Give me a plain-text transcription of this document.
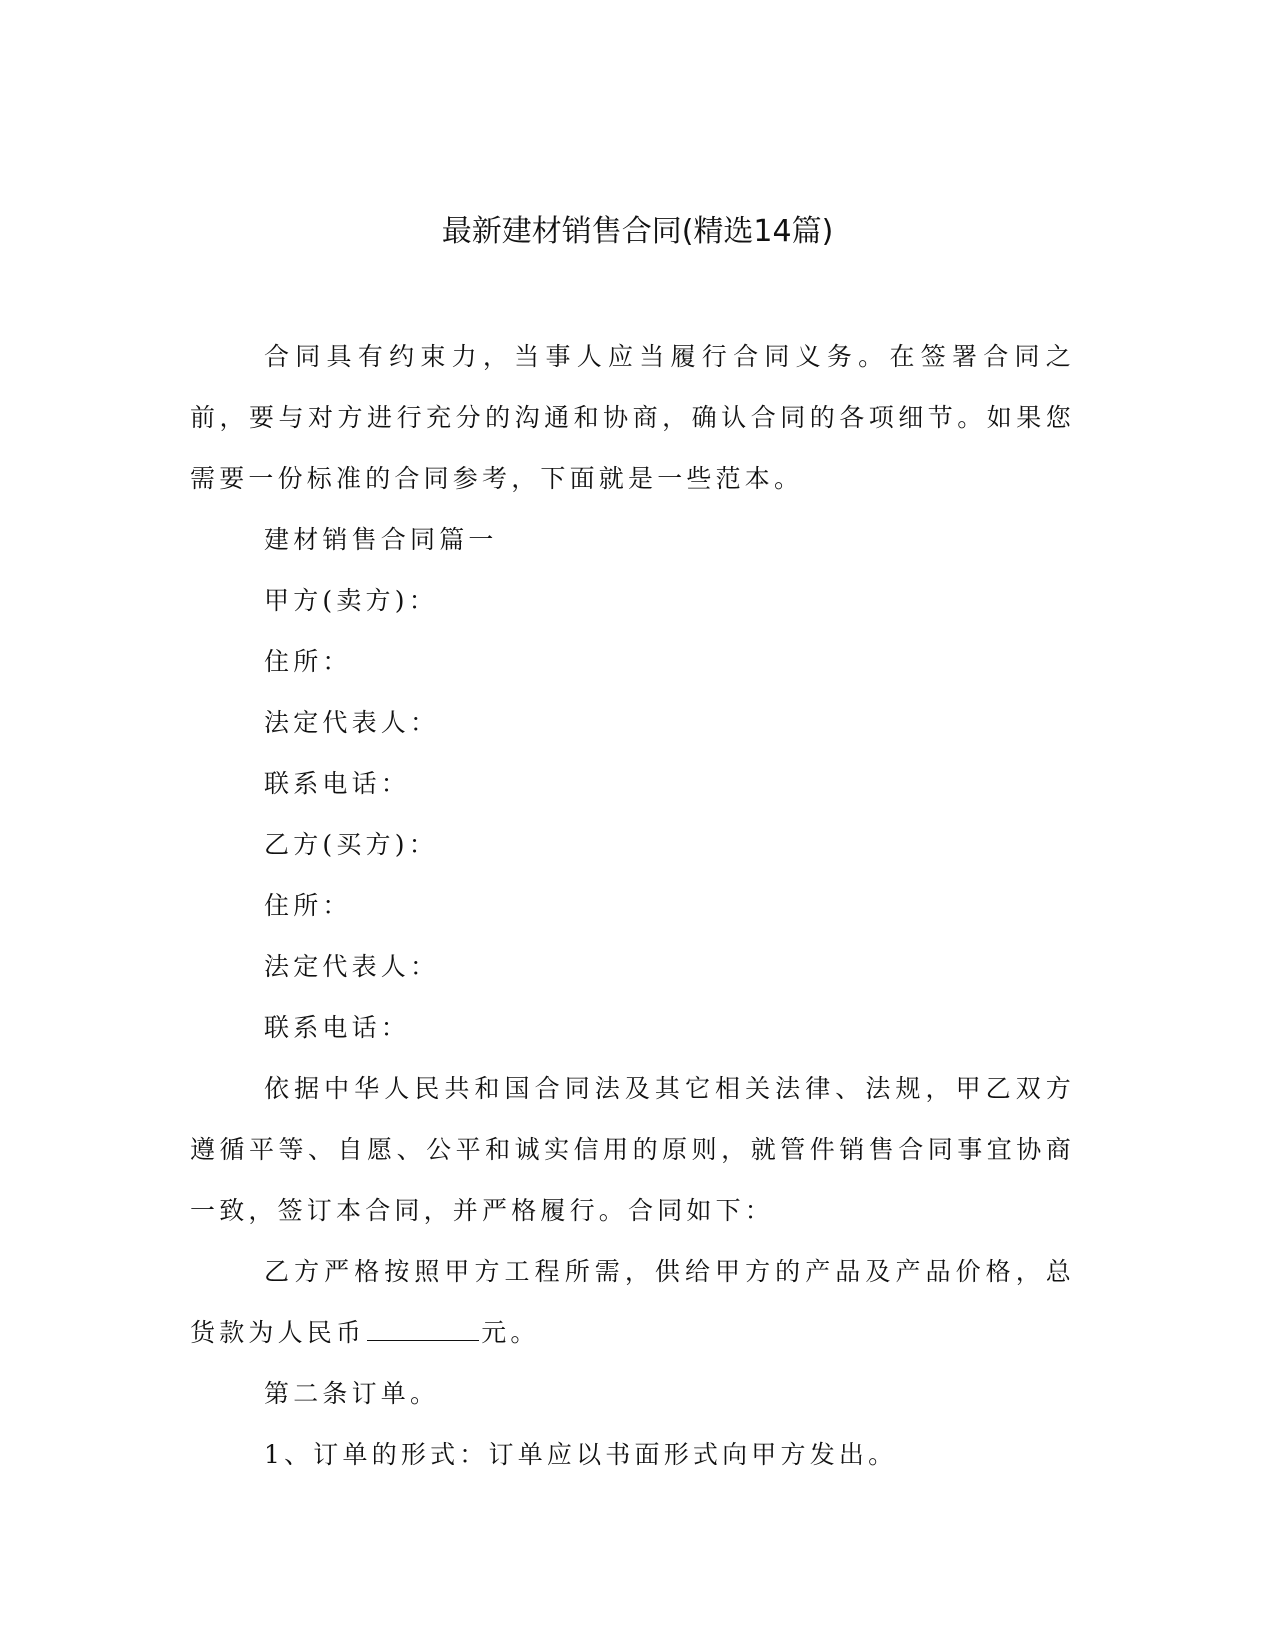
最新建材销售合同(精选14篇)

合同具有约束力，当事人应当履行合同义务。在签署合同之前，要与对方进行充分的沟通和协商，确认合同的各项细节。如果您需要一份标准的合同参考，下面就是一些范本。

建材销售合同篇一

甲方(卖方)：

住所：

法定代表人：

联系电话：

乙方(买方)：

住所：

法定代表人：

联系电话：

依据中华人民共和国合同法及其它相关法律、法规，甲乙双方遵循平等、自愿、公平和诚实信用的原则，就管件销售合同事宜协商一致，签订本合同，并严格履行。合同如下：

乙方严格按照甲方工程所需，供给甲方的产品及产品价格，总货款为人民币	元。

第二条订单。

1、订单的形式：订单应以书面形式向甲方发出。
